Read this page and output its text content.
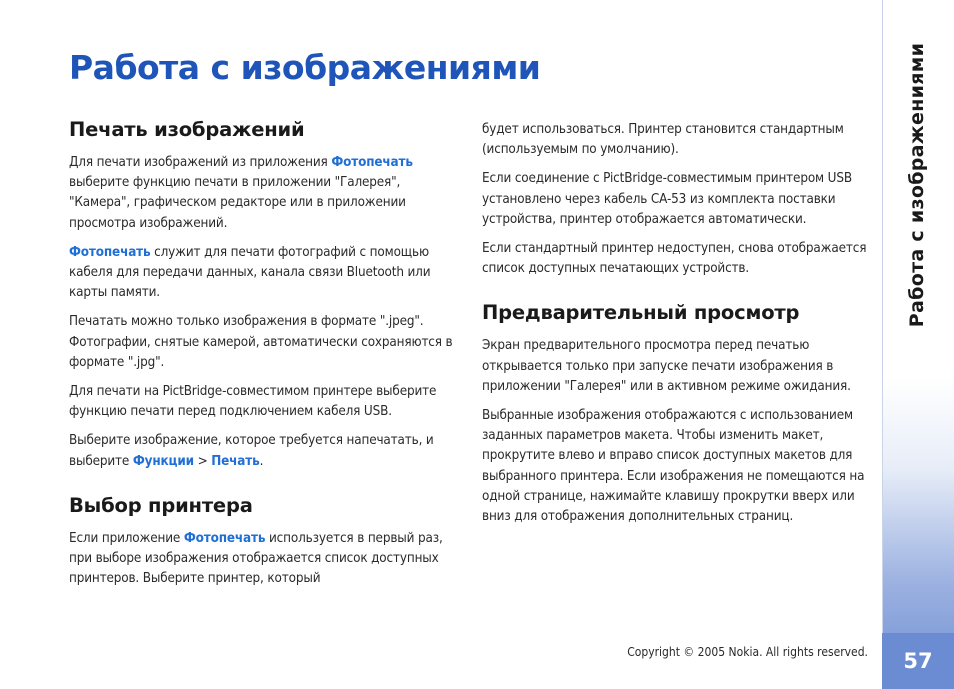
Работа с изображениями
Печать изображений

Для печати изображений из приложения Фотопечать выберите функцию печати в приложении "Галерея", "Камера", графическом редакторе или в приложении просмотра изображений.

Фотопечать служит для печати фотографий с помощью кабеля для передачи данных, канала связи Bluetooth или карты памяти.

Печатать можно только изображения в формате ".jpeg". Фотографии, снятые камерой, автоматически сохраняются в формате ".jpg".

Для печати на PictBridge-совместимом принтере выберите функцию печати перед подключением кабеля USB.

Выберите изображение, которое требуется напечатать, и выберите Функции > Печать.

Выбор принтера

Если приложение Фотопечать используется в первый раз, при выборе изображения отображается список доступных принтеров. Выберите принтер, который

будет использоваться. Принтер становится стандартным (используемым по умолчанию).

Если соединение с PictBridge-совместимым принтером USB установлено через кабель CA-53 из комплекта поставки устройства, принтер отображается автоматически.

Если стандартный принтер недоступен, снова отображается список доступных печатающих устройств.

Предварительный просмотр

Экран предварительного просмотра перед печатью открывается только при запуске печати изображения в приложении "Галерея" или в активном режиме ожидания.

Выбранные изображения отображаются с использованием заданных параметров макета. Чтобы изменить макет, прокрутите влево и вправо список доступных макетов для выбранного принтера. Если изображения не помещаются на одной странице, нажимайте клавишу прокрутки вверх или вниз для отображения дополнительных страниц.

Работа с изображениями
57
Copyright © 2005 Nokia. All rights reserved.
